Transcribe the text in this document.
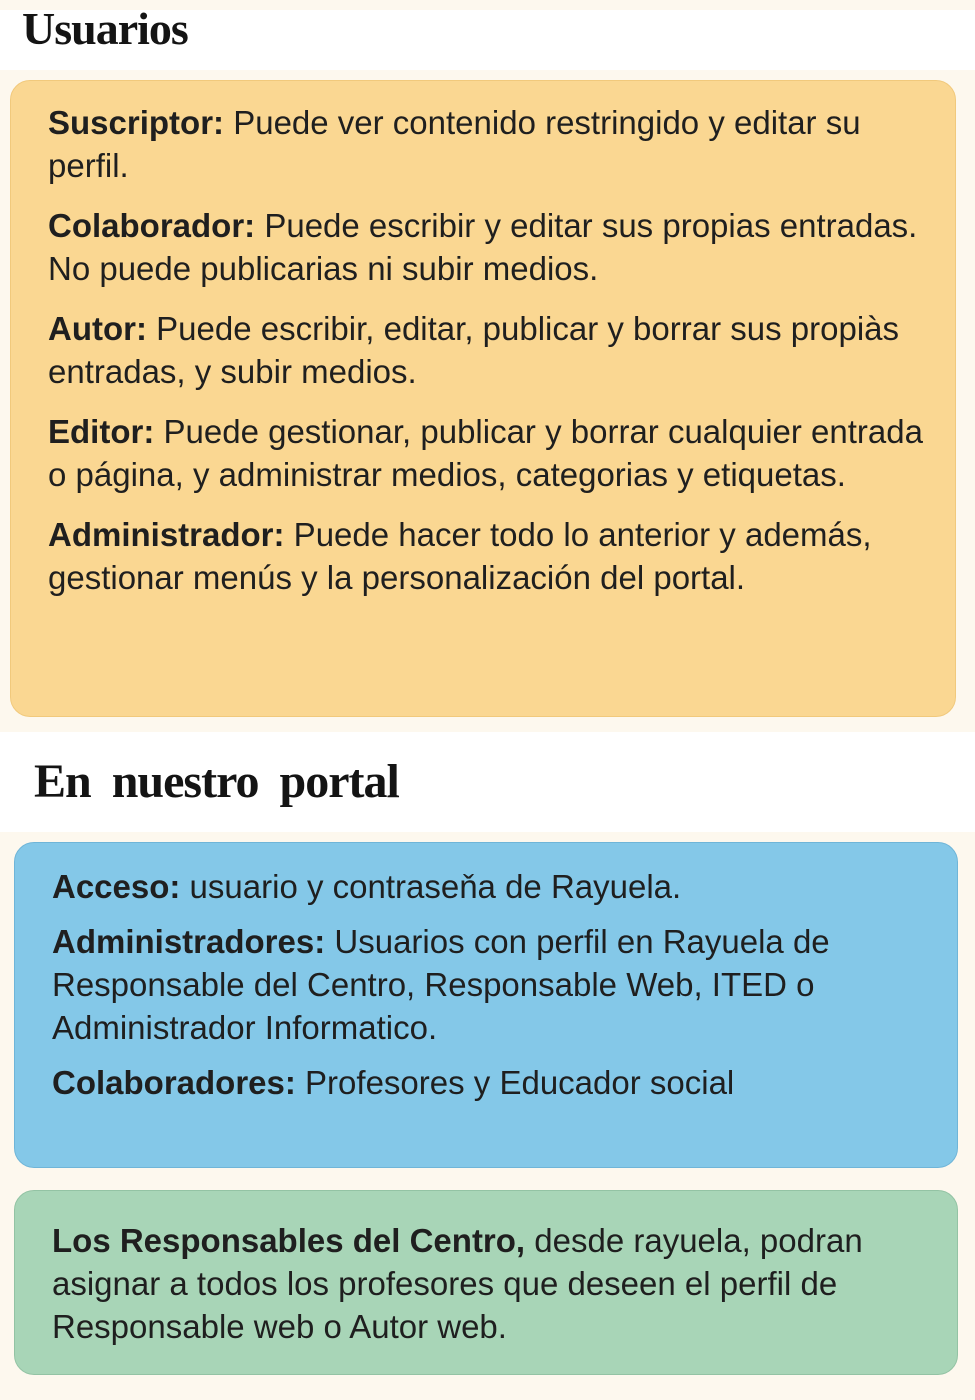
Usuarios

Suscriptor: Puede ver contenido restringido y editar su perfil.

Colaborador: Puede escribir y editar sus propias entradas. No puede publicarias ni subir medios.

Autor: Puede escribir, editar, publicar y borrar sus propiàs entradas, y subir medios.

Editor: Puede gestionar, publicar y borrar cualquier entrada o página, y administrar medios, categorias y etiquetas.

Administrador: Puede hacer todo lo anterior y además, gestionar menús y la personalización del portal.

En nuestro portal

Acceso: usuario y contraseňa de Rayuela.

Administradores: Usuarios con perfil en Rayuela de Responsable del Centro, Responsable Web, ITED o Administrador Informatico.

Colaboradores: Profesores y Educador social

Los Responsables del Centro, desde rayuela, podran asignar a todos los profesores que deseen el perfil de Responsable web o Autor web.
